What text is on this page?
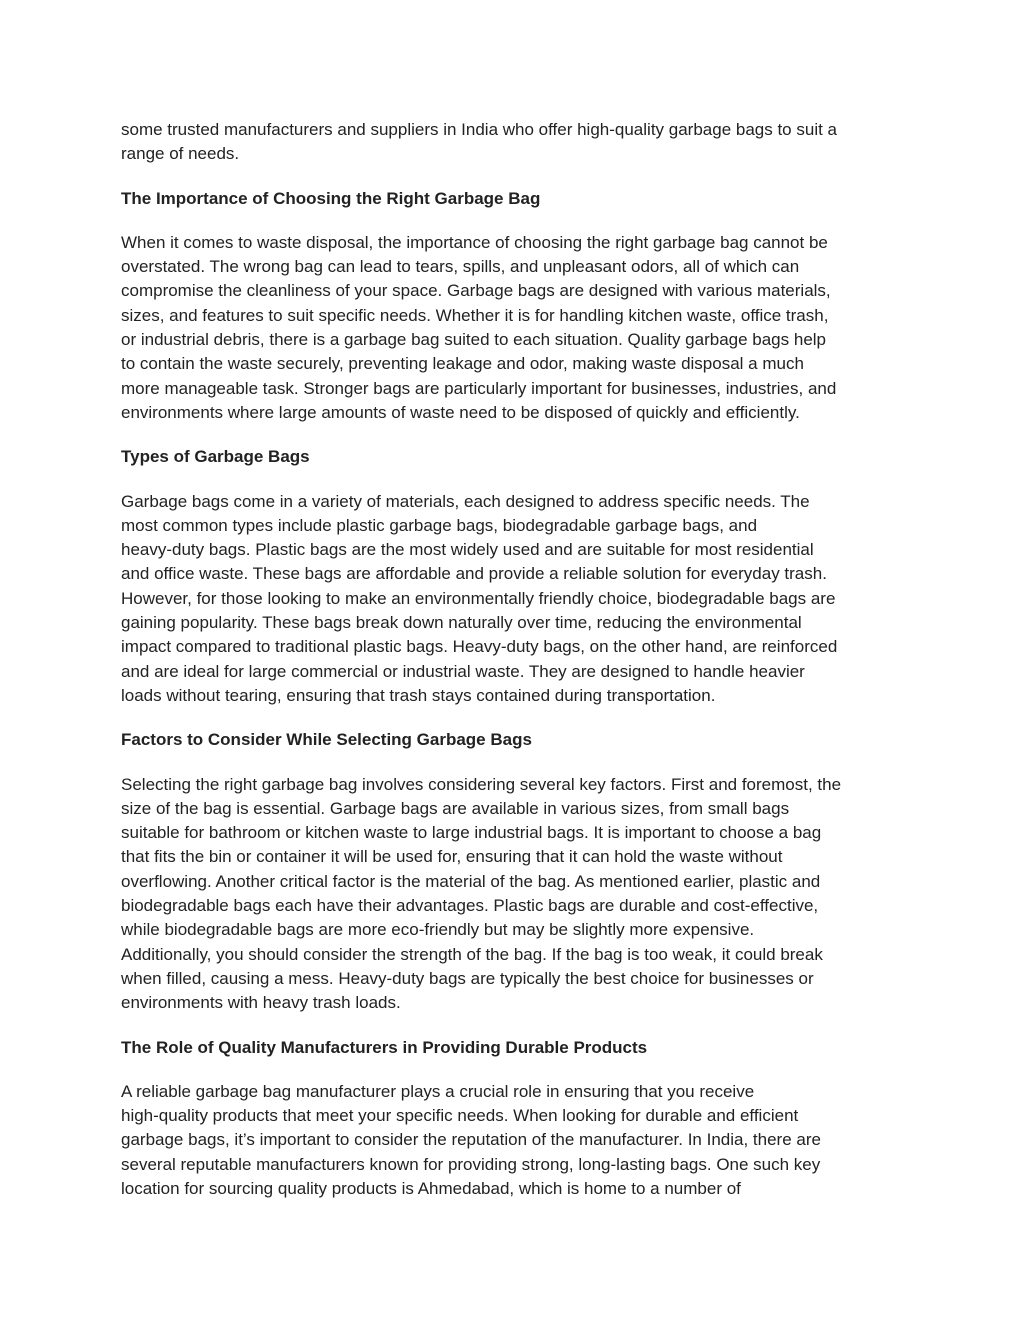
some trusted manufacturers and suppliers in India who offer high-quality garbage bags to suit a
range of needs.

The Importance of Choosing the Right Garbage Bag

When it comes to waste disposal, the importance of choosing the right garbage bag cannot be
overstated. The wrong bag can lead to tears, spills, and unpleasant odors, all of which can
compromise the cleanliness of your space. Garbage bags are designed with various materials,
sizes, and features to suit specific needs. Whether it is for handling kitchen waste, office trash,
or industrial debris, there is a garbage bag suited to each situation. Quality garbage bags help
to contain the waste securely, preventing leakage and odor, making waste disposal a much
more manageable task. Stronger bags are particularly important for businesses, industries, and
environments where large amounts of waste need to be disposed of quickly and efficiently.

Types of Garbage Bags

Garbage bags come in a variety of materials, each designed to address specific needs. The
most common types include plastic garbage bags, biodegradable garbage bags, and
heavy-duty bags. Plastic bags are the most widely used and are suitable for most residential
and office waste. These bags are affordable and provide a reliable solution for everyday trash.
However, for those looking to make an environmentally friendly choice, biodegradable bags are
gaining popularity. These bags break down naturally over time, reducing the environmental
impact compared to traditional plastic bags. Heavy-duty bags, on the other hand, are reinforced
and are ideal for large commercial or industrial waste. They are designed to handle heavier
loads without tearing, ensuring that trash stays contained during transportation.

Factors to Consider While Selecting Garbage Bags

Selecting the right garbage bag involves considering several key factors. First and foremost, the
size of the bag is essential. Garbage bags are available in various sizes, from small bags
suitable for bathroom or kitchen waste to large industrial bags. It is important to choose a bag
that fits the bin or container it will be used for, ensuring that it can hold the waste without
overflowing. Another critical factor is the material of the bag. As mentioned earlier, plastic and
biodegradable bags each have their advantages. Plastic bags are durable and cost-effective,
while biodegradable bags are more eco-friendly but may be slightly more expensive.
Additionally, you should consider the strength of the bag. If the bag is too weak, it could break
when filled, causing a mess. Heavy-duty bags are typically the best choice for businesses or
environments with heavy trash loads.

The Role of Quality Manufacturers in Providing Durable Products

A reliable garbage bag manufacturer plays a crucial role in ensuring that you receive
high-quality products that meet your specific needs. When looking for durable and efficient
garbage bags, it’s important to consider the reputation of the manufacturer. In India, there are
several reputable manufacturers known for providing strong, long-lasting bags. One such key
location for sourcing quality products is Ahmedabad, which is home to a number of
